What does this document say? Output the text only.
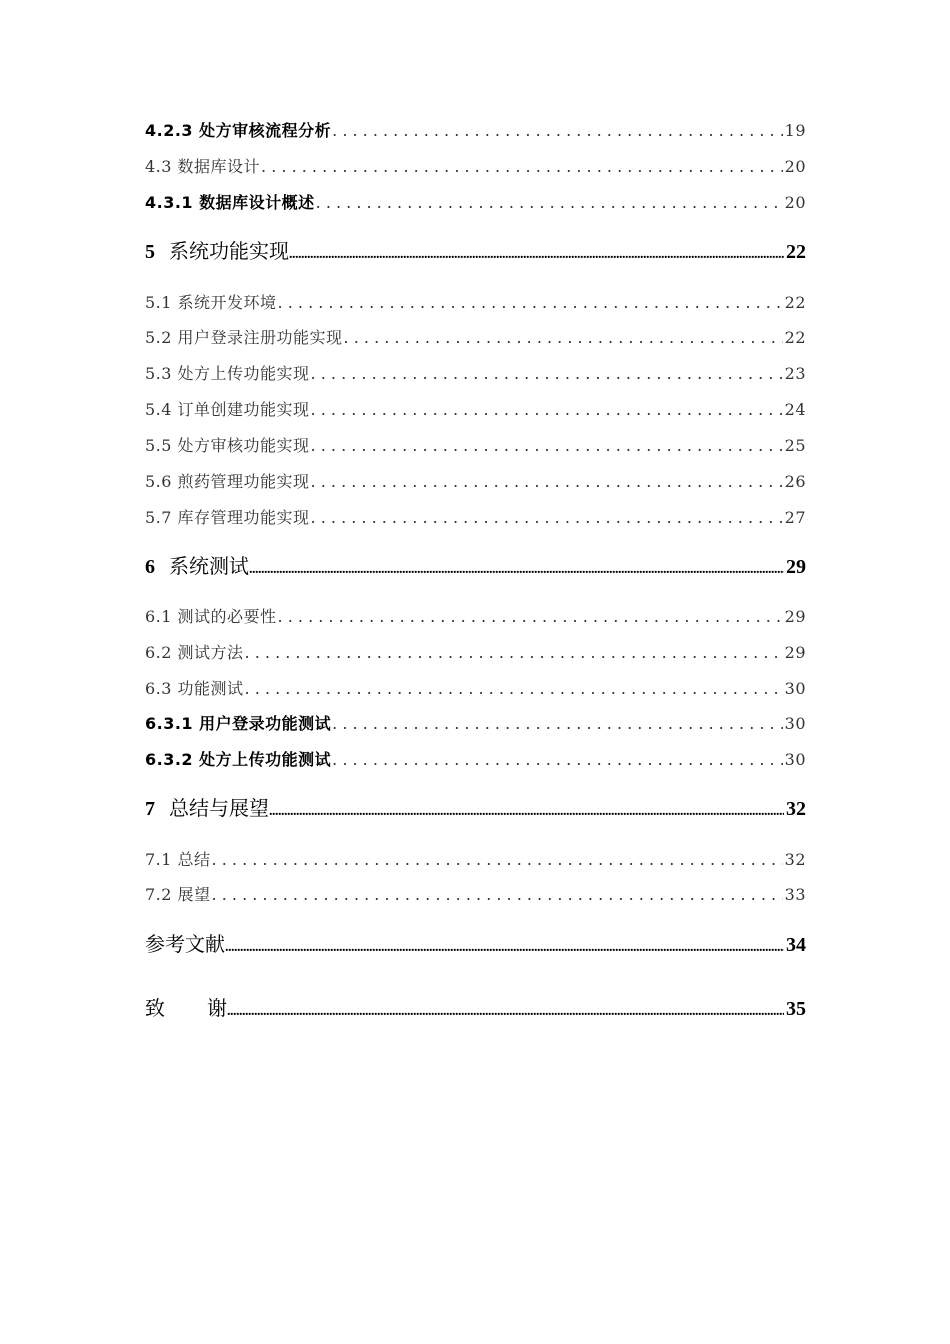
4.2.3 处方审核流程分析 . . .	19
4.3 数据库设计 . . .	20
4.3.1 数据库设计概述 . . .	20
5 系统功能实现 .....	22
5.1 系统开发环境 . . .	22
5.2 用户登录注册功能实现 . . .	22
5.3 处方上传功能实现 . . .	23
5.4 订单创建功能实现 . . .	24
5.5 处方审核功能实现 . . .	25
5.6 煎药管理功能实现 . . .	26
5.7 库存管理功能实现 . . .	27
6 系统测试 .....	29
6.1 测试的必要性 . . .	29
6.2 测试方法 . . .	29
6.3 功能测试 . . .	30
6.3.1 用户登录功能测试 . . .	30
6.3.2 处方上传功能测试 . . .	30
7 总结与展望 .....	32
7.1 总结 . . .	32
7.2 展望 . . .	33
参考文献 .....	34
致谢 .....	35
